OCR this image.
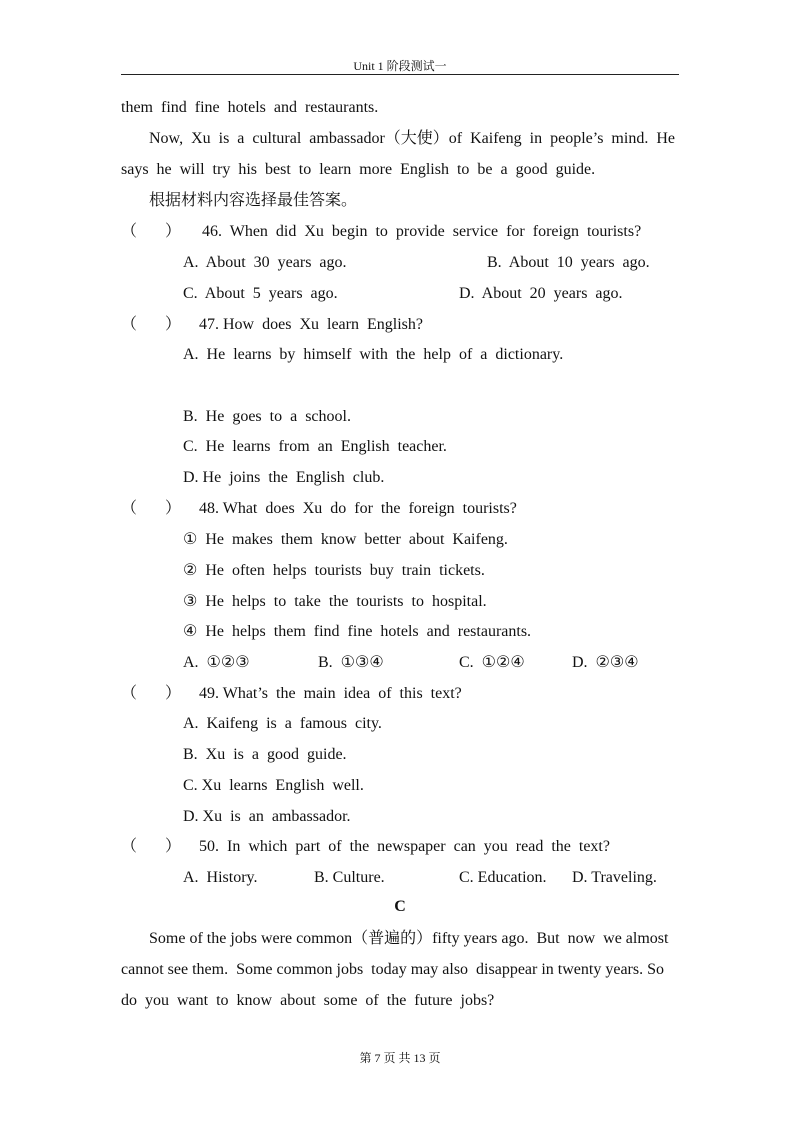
Unit 1 阶段测试一
them  find  fine  hotels  and  restaurants.
Now,  Xu  is  a  cultural  ambassador（大使）of  Kaifeng  in  people’s  mind.  He
says  he  will  try  his  best  to  learn  more  English  to  be  a  good  guide.
根据材料内容选择最佳答案。
（       ） 46.  When  did  Xu  begin  to  provide  service  for  foreign  tourists?
A.  About  30  years  ago.	B.  About  10  years  ago.
C.  About  5  years  ago.	D.  About  20  years  ago.
（       ） 47. How  does  Xu  learn  English?
A.  He  learns  by  himself  with  the  help  of  a  dictionary.
B.  He  goes  to  a  school.
C.  He  learns  from  an  English  teacher.
D. He  joins  the  English  club.
（       ） 48. What  does  Xu  do  for  the  foreign  tourists?
①  He  makes  them  know  better  about  Kaifeng.
②  He  often  helps  tourists  buy  train  tickets.
③  He  helps  to  take  the  tourists  to  hospital.
④  He  helps  them  find  fine  hotels  and  restaurants.
A.  ①②③	B.  ①③④	C.  ①②④	D.  ②③④
（       ） 49. What’s  the  main  idea  of  this  text?
A.  Kaifeng  is  a  famous  city.
B.  Xu  is  a  good  guide.
C. Xu  learns  English  well.
D. Xu  is  an  ambassador.
（       ） 50.  In  which  part  of  the  newspaper  can  you  read  the  text?
A.  History.	B. Culture.	C. Education. D. Traveling.
C
Some of the jobs were common（普遍的）fifty years ago.  But  now  we almost
cannot see them.  Some common jobs  today may also  disappear in twenty years. So
do  you  want  to  know  about  some  of  the  future  jobs?
第 7 页 共 13 页
